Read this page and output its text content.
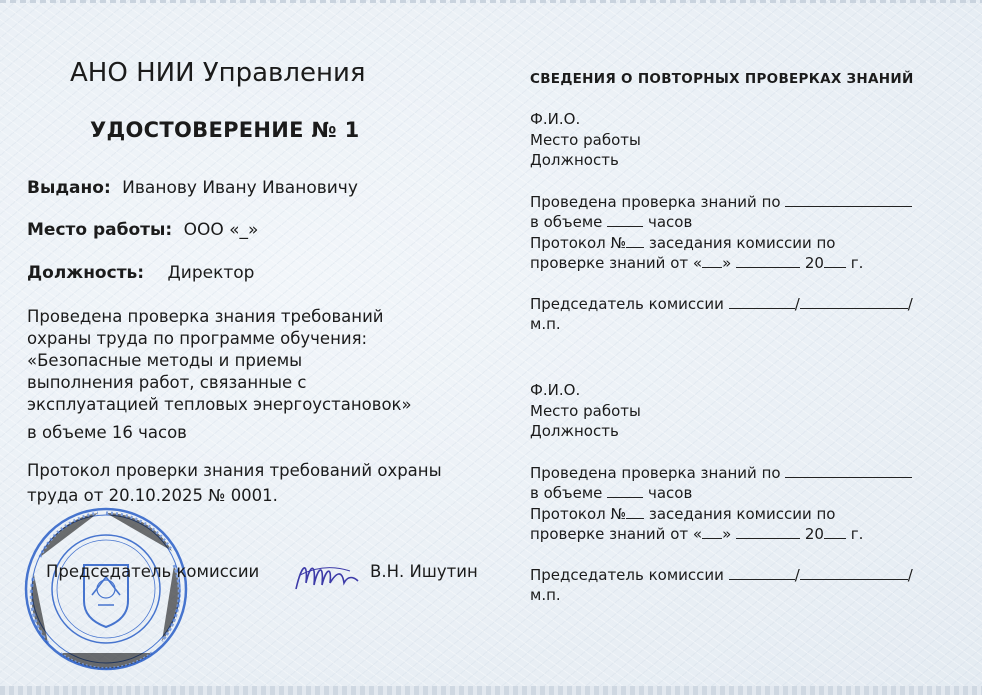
АНО НИИ Управления
УДОСТОВЕРЕНИЕ № 1
Выдано: Иванову Ивану Ивановичу
Место работы: ООО «_»
Должность: Директор
Проведена проверка знания требований
охраны труда по программе обучения:
«Безопасные методы и приемы
выполнения работ, связанные с
эксплуатацией тепловых энергоустановок»
в объеме 16 часов
Протокол проверки знания требований охраны
труда от 20.10.2025 № 0001.
Председатель комиссии	В.Н. Ишутин
СВЕДЕНИЯ О ПОВТОРНЫХ ПРОВЕРКАХ ЗНАНИЙ
Ф.И.О.
Место работы
Должность
Проведена проверка знаний по
в объеме	часов
Протокол № заседания комиссии по
проверке знаний от « »	20 г.
Председатель комиссии	/	/
м.п.
Ф.И.О.
Место работы
Должность
Проведена проверка знаний по
в объеме	часов
Протокол № заседания комиссии по
проверке знаний от « »	20 г.
Председатель комиссии	/	/
м.п.
